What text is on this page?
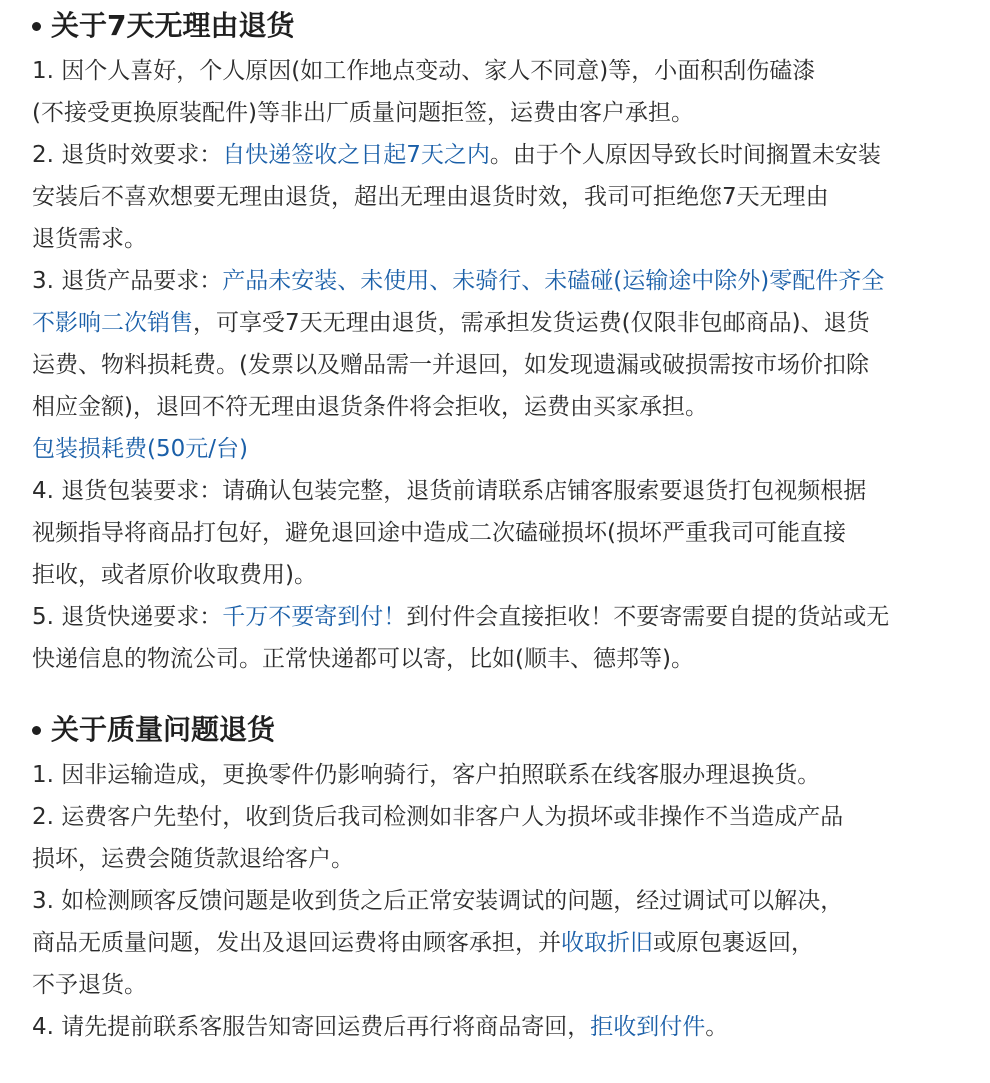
关于7天无理由退货

1. 因个人喜好，个人原因(如工作地点变动、家人不同意)等，小面积刮伤磕漆

(不接受更换原装配件)等非出厂质量问题拒签，运费由客户承担。

2. 退货时效要求：自快递签收之日起7天之内。由于个人原因导致长时间搁置未安装

安装后不喜欢想要无理由退货，超出无理由退货时效，我司可拒绝您7天无理由

退货需求。

3. 退货产品要求：产品未安装、未使用、未骑行、未磕碰(运输途中除外)零配件齐全

不影响二次销售，可享受7天无理由退货，需承担发货运费(仅限非包邮商品)、退货

运费、物料损耗费。(发票以及赠品需一并退回，如发现遗漏或破损需按市场价扣除

相应金额)，退回不符无理由退货条件将会拒收，运费由买家承担。

包装损耗费(50元/台)

4. 退货包装要求：请确认包装完整，退货前请联系店铺客服索要退货打包视频根据

视频指导将商品打包好，避免退回途中造成二次磕碰损坏(损坏严重我司可能直接

拒收，或者原价收取费用)。

5. 退货快递要求：千万不要寄到付！到付件会直接拒收！不要寄需要自提的货站或无

快递信息的物流公司。正常快递都可以寄，比如(顺丰、德邦等)。

关于质量问题退货

1. 因非运输造成，更换零件仍影响骑行，客户拍照联系在线客服办理退换货。

2. 运费客户先垫付，收到货后我司检测如非客户人为损坏或非操作不当造成产品

损坏，运费会随货款退给客户。

3. 如检测顾客反馈问题是收到货之后正常安装调试的问题，经过调试可以解决，

商品无质量问题，发出及退回运费将由顾客承担，并收取折旧或原包裹返回，

不予退货。

4. 请先提前联系客服告知寄回运费后再行将商品寄回，拒收到付件。
